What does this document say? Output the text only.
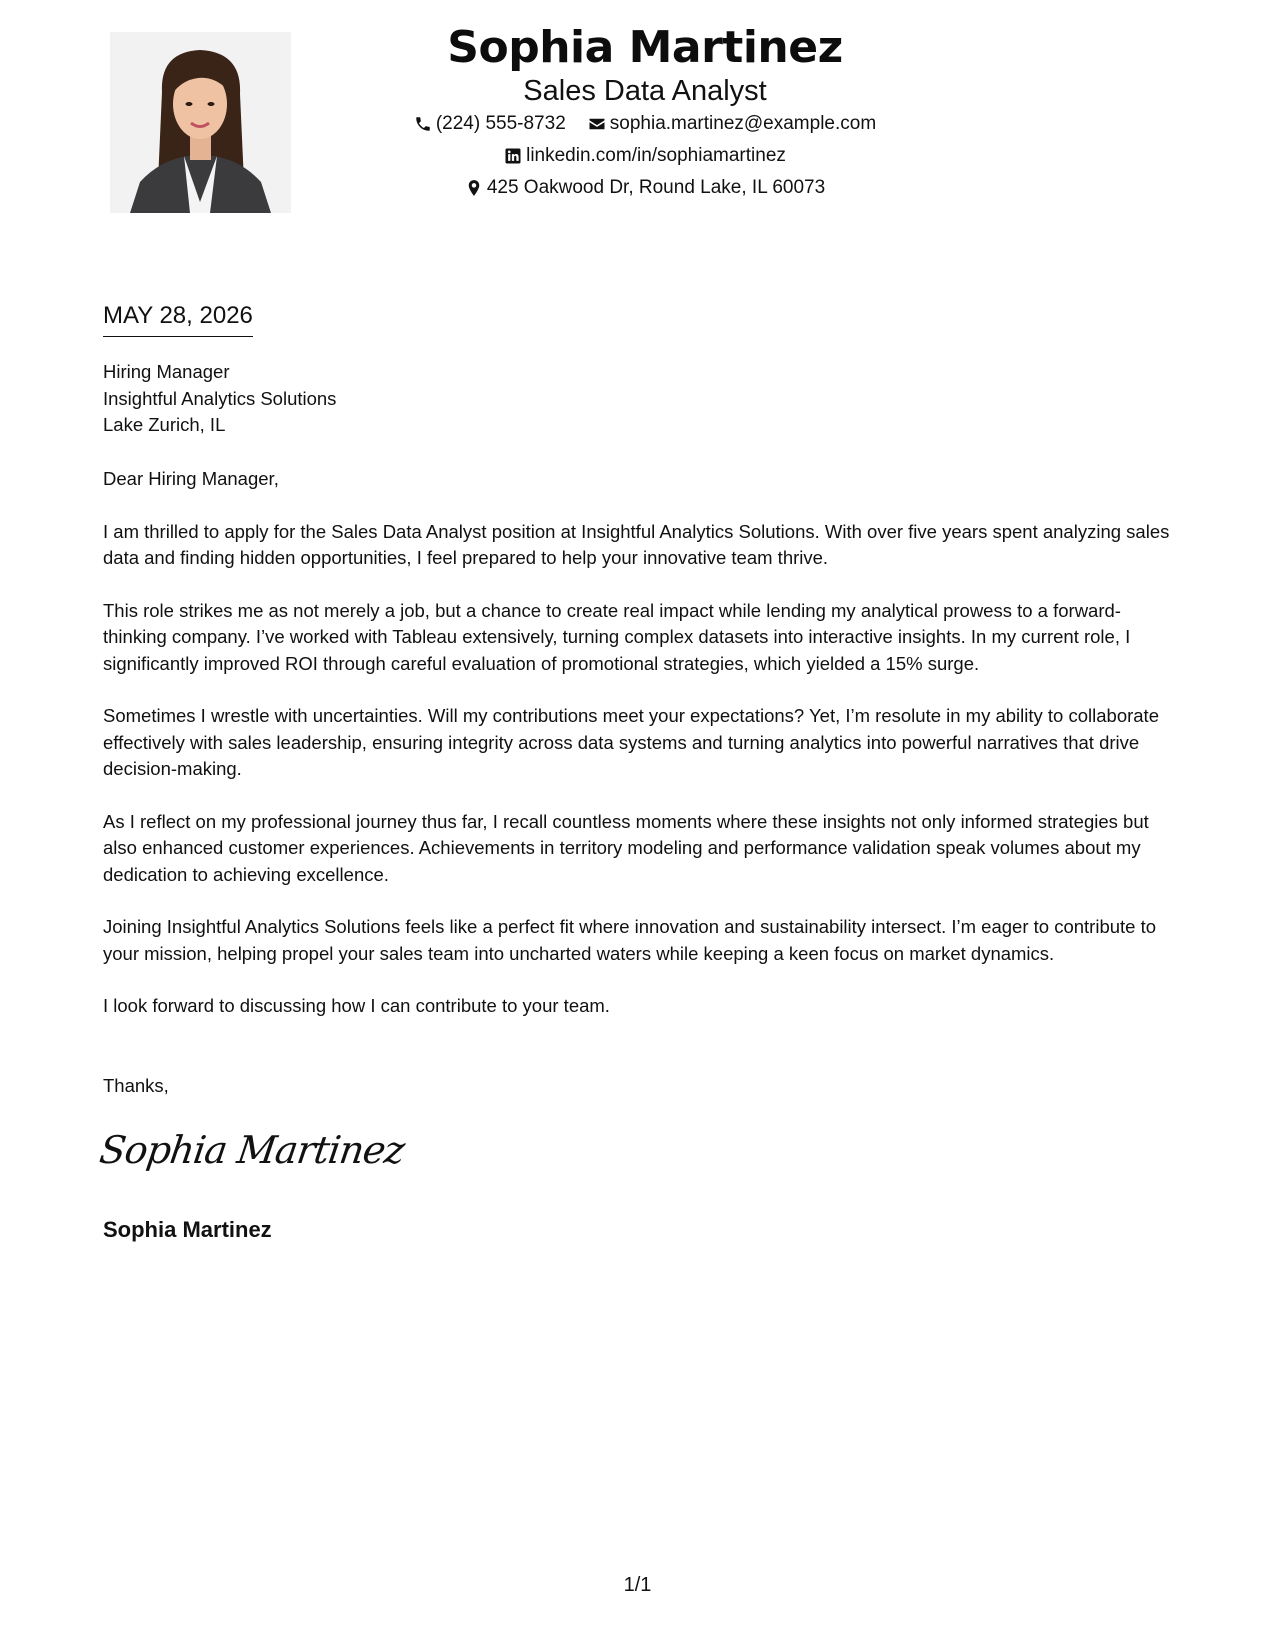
Sophia Martinez
Sales Data Analyst
(224) 555-8732 sophia.martinez@example.com
linkedin.com/in/sophiamartinez
425 Oakwood Dr, Round Lake, IL 60073
MAY 28, 2026
Hiring Manager
Insightful Analytics Solutions
Lake Zurich, IL

Dear Hiring Manager,

I am thrilled to apply for the Sales Data Analyst position at Insightful Analytics Solutions. With over five years spent analyzing sales data and finding hidden opportunities, I feel prepared to help your innovative team thrive.

This role strikes me as not merely a job, but a chance to create real impact while lending my analytical prowess to a forward-thinking company. I’ve worked with Tableau extensively, turning complex datasets into interactive insights. In my current role, I significantly improved ROI through careful evaluation of promotional strategies, which yielded a 15% surge.

Sometimes I wrestle with uncertainties. Will my contributions meet your expectations? Yet, I’m resolute in my ability to collaborate effectively with sales leadership, ensuring integrity across data systems and turning analytics into powerful narratives that drive decision-making.

As I reflect on my professional journey thus far, I recall countless moments where these insights not only informed strategies but also enhanced customer experiences. Achievements in territory modeling and performance validation speak volumes about my dedication to achieving excellence.

Joining Insightful Analytics Solutions feels like a perfect fit where innovation and sustainability intersect. I’m eager to contribute to your mission, helping propel your sales team into uncharted waters while keeping a keen focus on market dynamics.

I look forward to discussing how I can contribute to your team.

Thanks,
Sophia Martinez
Sophia Martinez
1/1
